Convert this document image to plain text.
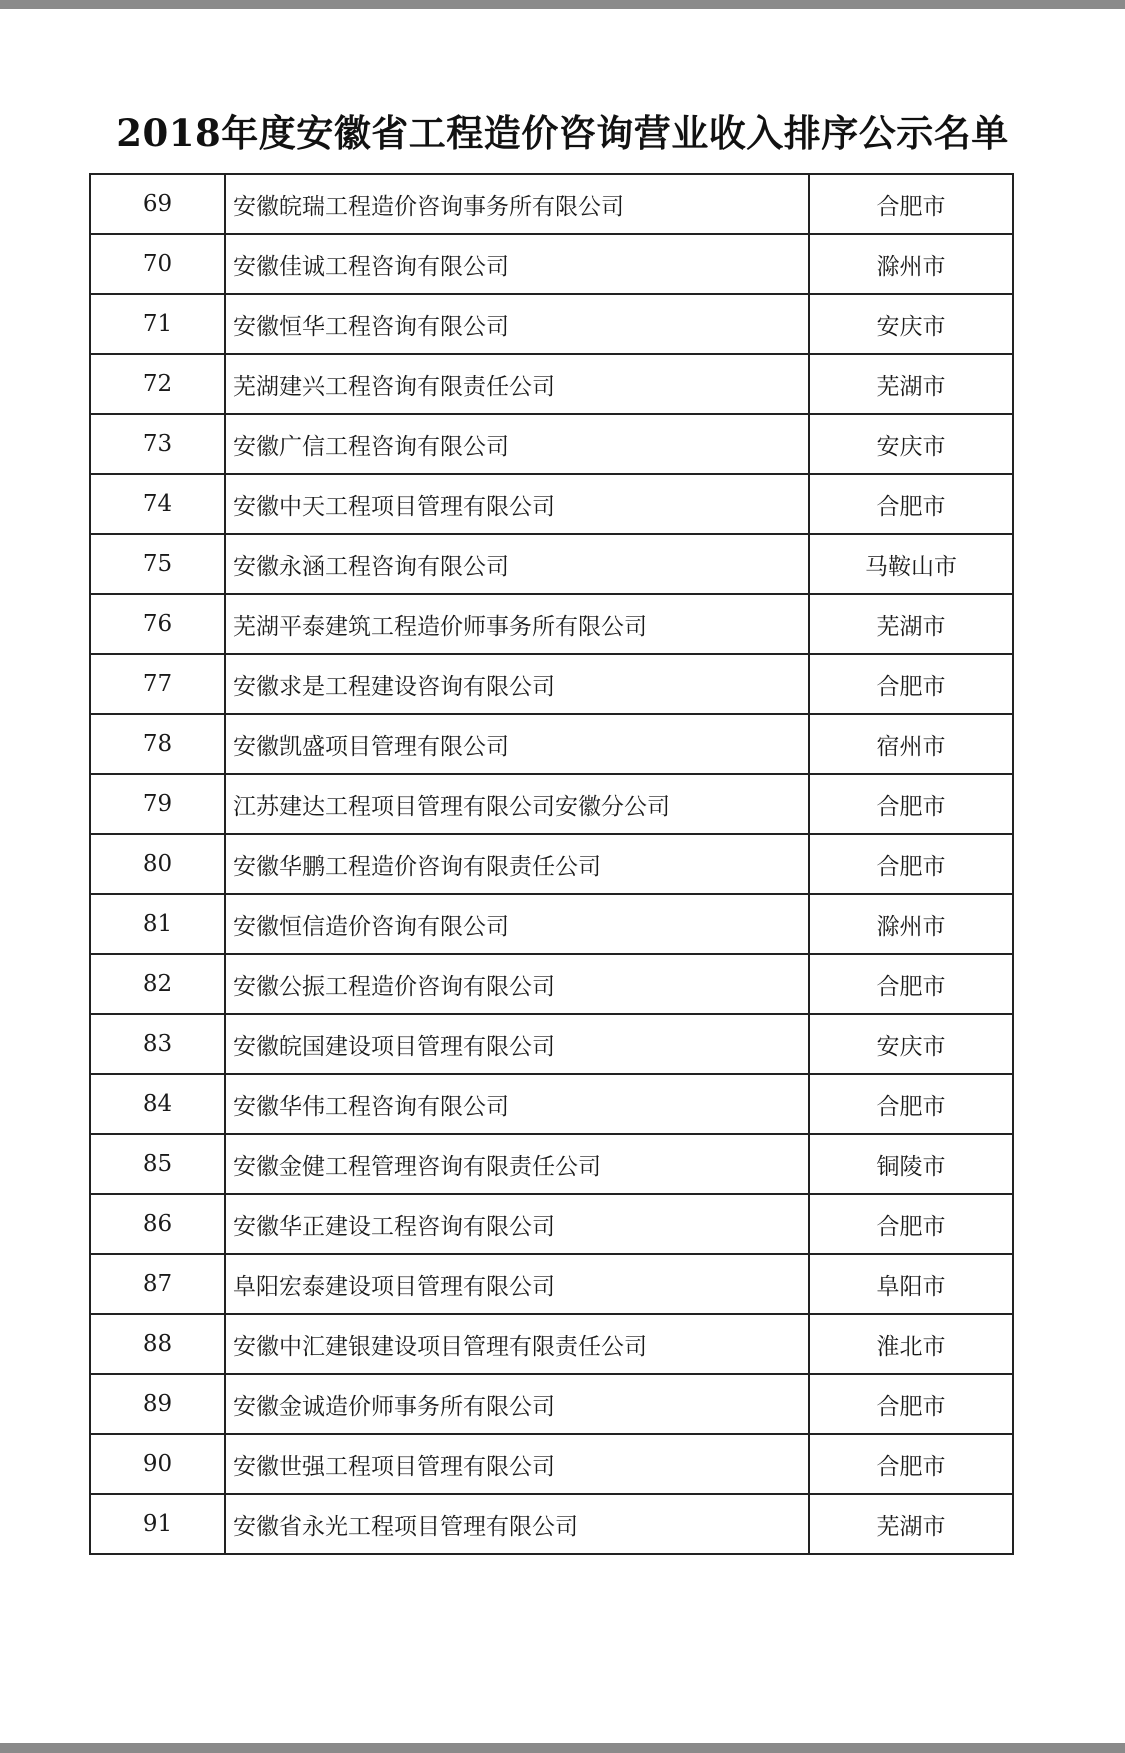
2018年度安徽省工程造价咨询营业收入排序公示名单
69	安徽皖瑞工程造价咨询事务所有限公司	合肥市
70	安徽佳诚工程咨询有限公司	滁州市
71	安徽恒华工程咨询有限公司	安庆市
72	芜湖建兴工程咨询有限责任公司	芜湖市
73	安徽广信工程咨询有限公司	安庆市
74	安徽中天工程项目管理有限公司	合肥市
75	安徽永涵工程咨询有限公司	马鞍山市
76	芜湖平泰建筑工程造价师事务所有限公司	芜湖市
77	安徽求是工程建设咨询有限公司	合肥市
78	安徽凯盛项目管理有限公司	宿州市
79	江苏建达工程项目管理有限公司安徽分公司	合肥市
80	安徽华鹏工程造价咨询有限责任公司	合肥市
81	安徽恒信造价咨询有限公司	滁州市
82	安徽公振工程造价咨询有限公司	合肥市
83	安徽皖国建设项目管理有限公司	安庆市
84	安徽华伟工程咨询有限公司	合肥市
85	安徽金健工程管理咨询有限责任公司	铜陵市
86	安徽华正建设工程咨询有限公司	合肥市
87	阜阳宏泰建设项目管理有限公司	阜阳市
88	安徽中汇建银建设项目管理有限责任公司	淮北市
89	安徽金诚造价师事务所有限公司	合肥市
90	安徽世强工程项目管理有限公司	合肥市
91	安徽省永光工程项目管理有限公司	芜湖市
